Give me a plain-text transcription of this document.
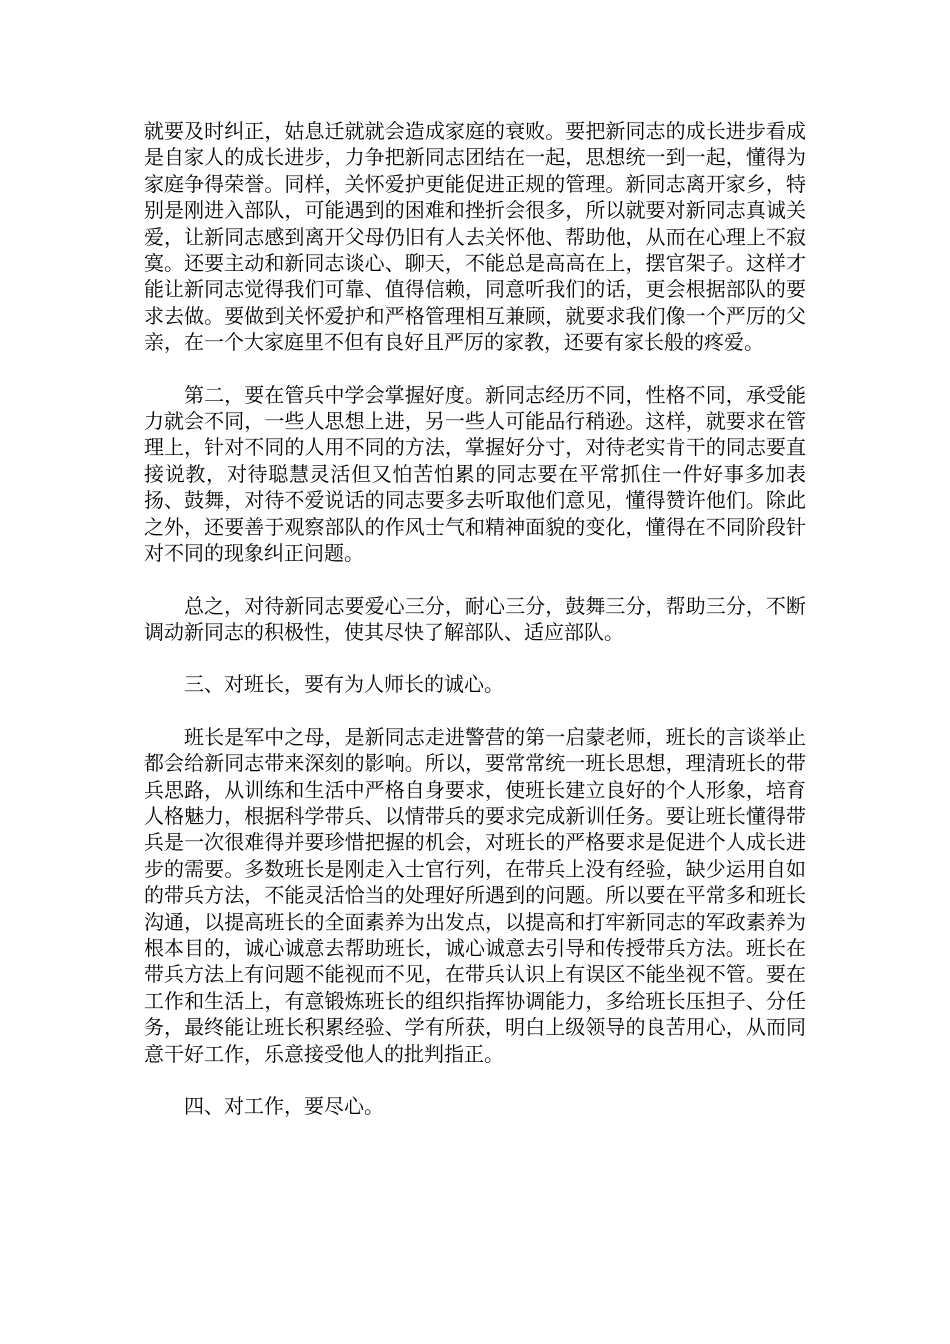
就要及时纠正，姑息迁就就会造成家庭的衰败。要把新同志的成长进步看成是自家人的成长进步，力争把新同志团结在一起，思想统一到一起，懂得为家庭争得荣誉。同样，关怀爱护更能促进正规的管理。新同志离开家乡，特别是刚进入部队，可能遇到的困难和挫折会很多，所以就要对新同志真诚关爱，让新同志感到离开父母仍旧有人去关怀他、帮助他，从而在心理上不寂寞。还要主动和新同志谈心、聊天，不能总是高高在上，摆官架子。这样才能让新同志觉得我们可靠、值得信赖，同意听我们的话，更会根据部队的要求去做。要做到关怀爱护和严格管理相互兼顾，就要求我们像一个严厉的父亲，在一个大家庭里不但有良好且严厉的家教，还要有家长般的疼爱。

第二，要在管兵中学会掌握好度。新同志经历不同，性格不同，承受能力就会不同，一些人思想上进，另一些人可能品行稍逊。这样，就要求在管理上，针对不同的人用不同的方法，掌握好分寸，对待老实肯干的同志要直接说教，对待聪慧灵活但又怕苦怕累的同志要在平常抓住一件好事多加表扬、鼓舞，对待不爱说话的同志要多去听取他们意见，懂得赞许他们。除此之外，还要善于观察部队的作风士气和精神面貌的变化，懂得在不同阶段针对不同的现象纠正问题。

总之，对待新同志要爱心三分，耐心三分，鼓舞三分，帮助三分，不断调动新同志的积极性，使其尽快了解部队、适应部队。

三、对班长，要有为人师长的诚心。

班长是军中之母，是新同志走进警营的第一启蒙老师，班长的言谈举止都会给新同志带来深刻的影响。所以，要常常统一班长思想，理清班长的带兵思路，从训练和生活中严格自身要求，使班长建立良好的个人形象，培育人格魅力，根据科学带兵、以情带兵的要求完成新训任务。要让班长懂得带兵是一次很难得并要珍惜把握的机会，对班长的严格要求是促进个人成长进步的需要。多数班长是刚走入士官行列，在带兵上没有经验，缺少运用自如的带兵方法，不能灵活恰当的处理好所遇到的问题。所以要在平常多和班长沟通，以提高班长的全面素养为出发点，以提高和打牢新同志的军政素养为根本目的，诚心诚意去帮助班长，诚心诚意去引导和传授带兵方法。班长在带兵方法上有问题不能视而不见，在带兵认识上有误区不能坐视不管。要在工作和生活上，有意锻炼班长的组织指挥协调能力，多给班长压担子、分任务，最终能让班长积累经验、学有所获，明白上级领导的良苦用心，从而同意干好工作，乐意接受他人的批判指正。

四、对工作，要尽心。
